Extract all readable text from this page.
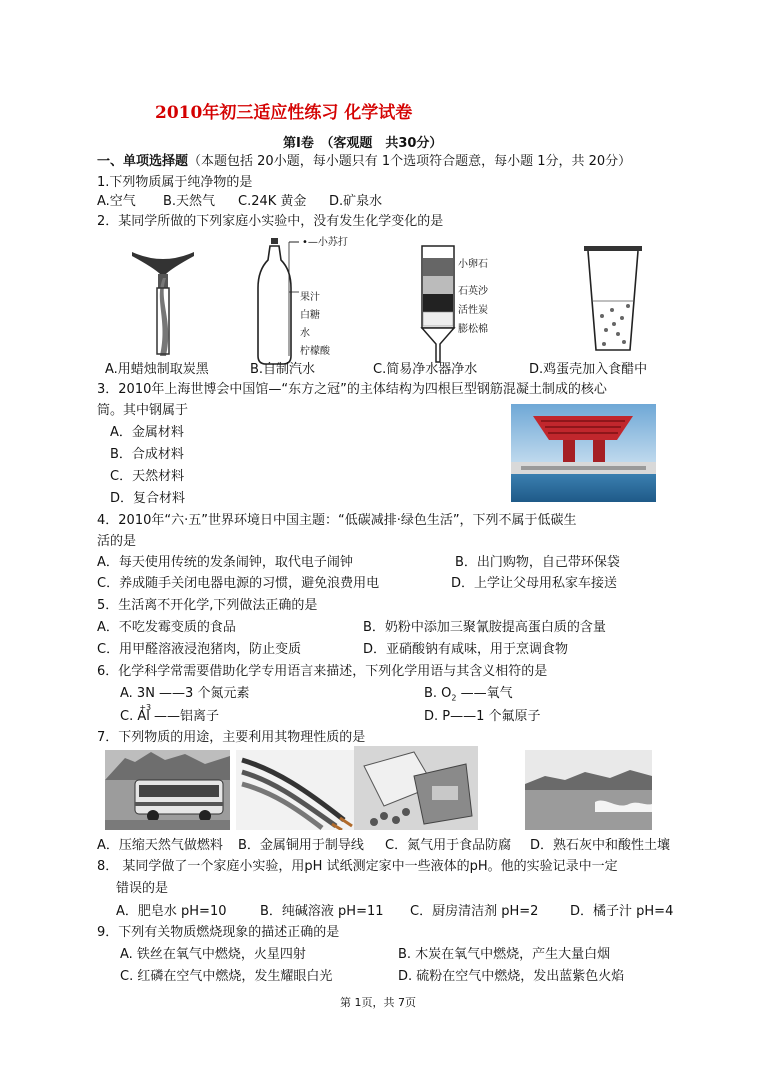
2010年初三适应性练习 化学试卷
第Ⅰ卷　（客观题　共30分）
一、单项选择题（本题包括 20小题，每小题只有 1个选项符合题意，每小题 1分，共 20分）
1.下列物质属于纯净物的是
A.空气 B.天然气 C.24K 黄金 D.矿泉水
2．某同学所做的下列家庭小实验中，没有发生化学变化的是
•—小苏打
果汁
白糖
水
柠檬酸
小卵石
石英沙
活性炭
膨松棉
A.用蜡烛制取炭黑	B.自制汽水	C.简易净水器净水	D.鸡蛋壳加入食醋中
3．2010年上海世博会中国馆—“东方之冠”的主体结构为四根巨型钢筋混凝土制成的核心
筒。其中钢属于
A．金属材料
B．合成材料
C．天然材料
D．复合材料
4．2010年“六·五”世界环境日中国主题：“低碳减排·绿色生活”，下列不属于低碳生
活的是
A．每天使用传统的发条闹钟，取代电子闹钟	B．出门购物，自己带环保袋
C．养成随手关闭电器电源的习惯，避免浪费用电	D．上学让父母用私家车接送
5．生活离不开化学,下列做法正确的是
A．不吃发霉变质的食品	B．奶粉中添加三聚氰胺提高蛋白质的含量
C．用甲醛溶液浸泡猪肉，防止变质	D．亚硝酸钠有咸味，用于烹调食物
6．化学科学常需要借助化学专用语言来描述，下列化学用语与其含义相符的是
A. 3N ——3 个氮元素	B. $O_2$ ——氧气
C.
+3
Al ——铝离子	D. P——1 个氟原子
7．下列物质的用途，主要利用其物理性质的是
A．压缩天然气做燃料 B．金属铜用于制导线 C．氮气用于食品防腐 D．熟石灰中和酸性土壤
8． 某同学做了一个家庭小实验，用pH 试纸测定家中一些液体的pH。他的实验记录中一定
错误的是
A．肥皂水 pH=10	B．纯碱溶液 pH=11 C．厨房清洁剂 pH=2 D．橘子汁 pH=4
9．下列有关物质燃烧现象的描述正确的是
A. 铁丝在氧气中燃烧，火星四射	B. 木炭在氧气中燃烧，产生大量白烟
C. 红磷在空气中燃烧，发生耀眼白光	D. 硫粉在空气中燃烧，发出蓝紫色火焰
第 1页，共 7页
